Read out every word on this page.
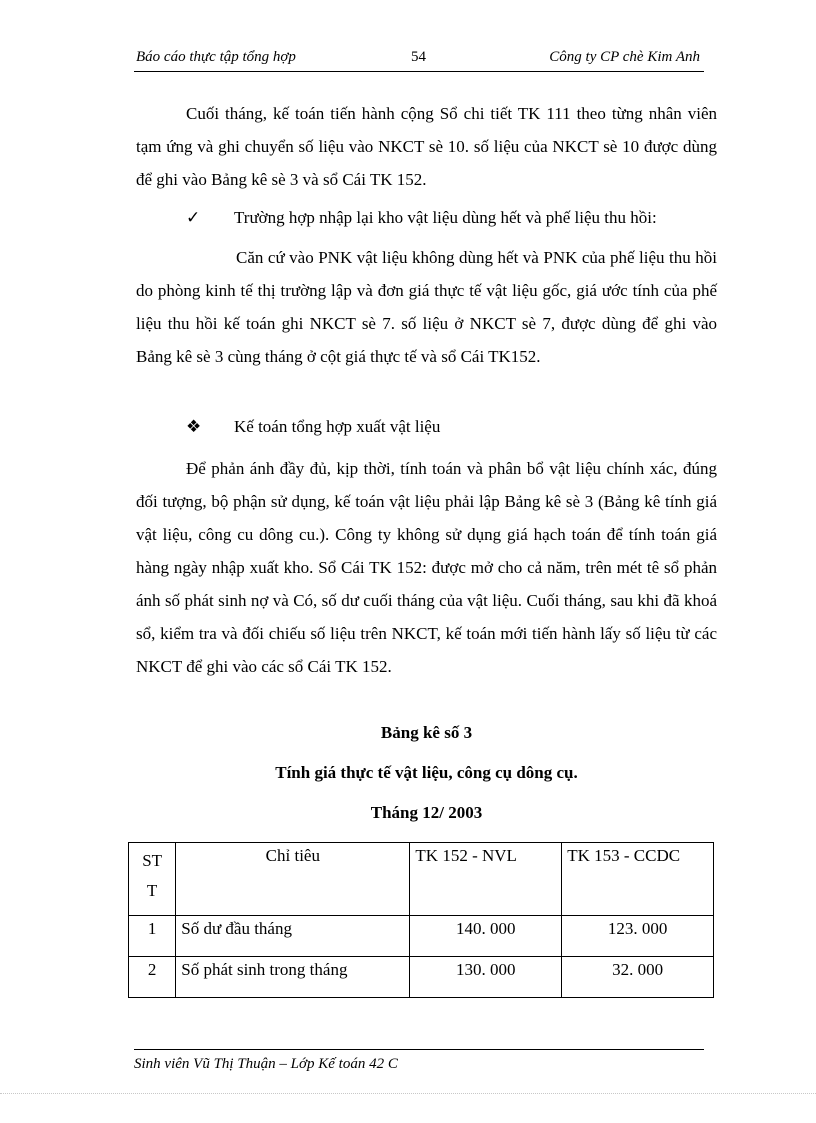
Báo cáo thực tập tổng hợp	54	Công ty CP chè Kim Anh

Cuối tháng, kế toán tiến hành cộng Sổ chi tiết TK 111 theo từng nhân viên tạm ứng và ghi chuyển số liệu vào NKCT sè 10. số liệu của NKCT sè 10 được dùng để ghi vào Bảng kê sè 3 và sổ Cái TK 152.

✓ Trường hợp nhập lại kho vật liệu dùng hết và phế liệu thu hồi:

Căn cứ vào PNK vật liệu không dùng hết và PNK của phế liệu thu hồi do phòng kinh tế thị trường lập và đơn giá thực tế vật liệu gốc, giá ước tính của phế liệu thu hồi kế toán ghi NKCT sè 7. số liệu ở NKCT sè 7, được dùng để ghi vào Bảng kê sè 3 cùng tháng ở cột giá thực tế và sổ Cái TK152.

❖ Kế toán tổng hợp xuất vật liệu

Để phản ánh đầy đủ, kịp thời, tính toán và phân bổ vật liệu chính xác, đúng đối tượng, bộ phận sử dụng, kế toán vật liệu phải lập Bảng kê sè 3 (Bảng kê tính giá vật liệu, công cu dông cu.). Công ty không sử dụng giá hạch toán để tính toán giá hàng ngày nhập xuất kho. Sổ Cái TK 152: được mở cho cả năm, trên mét tê sổ phản ánh số phát sinh nợ và Có, số dư cuối tháng của vật liệu. Cuối tháng, sau khi đã khoá sổ, kiểm tra và đối chiếu số liệu trên NKCT, kế toán mới tiến hành lấy số liệu từ các NKCT để ghi vào các sổ Cái TK 152.

Bảng kê số 3
Tính giá thực tế vật liệu, công cụ dông cụ.
Tháng 12/ 2003
ST
T	Chỉ tiêu	TK 152 - NVL	TK 153 - CCDC
1	Số dư đầu tháng	140. 000	123. 000
2	Số phát sinh trong tháng	130. 000	32. 000
Sinh viên Vũ Thị Thuận – Lớp Kế toán 42 C
